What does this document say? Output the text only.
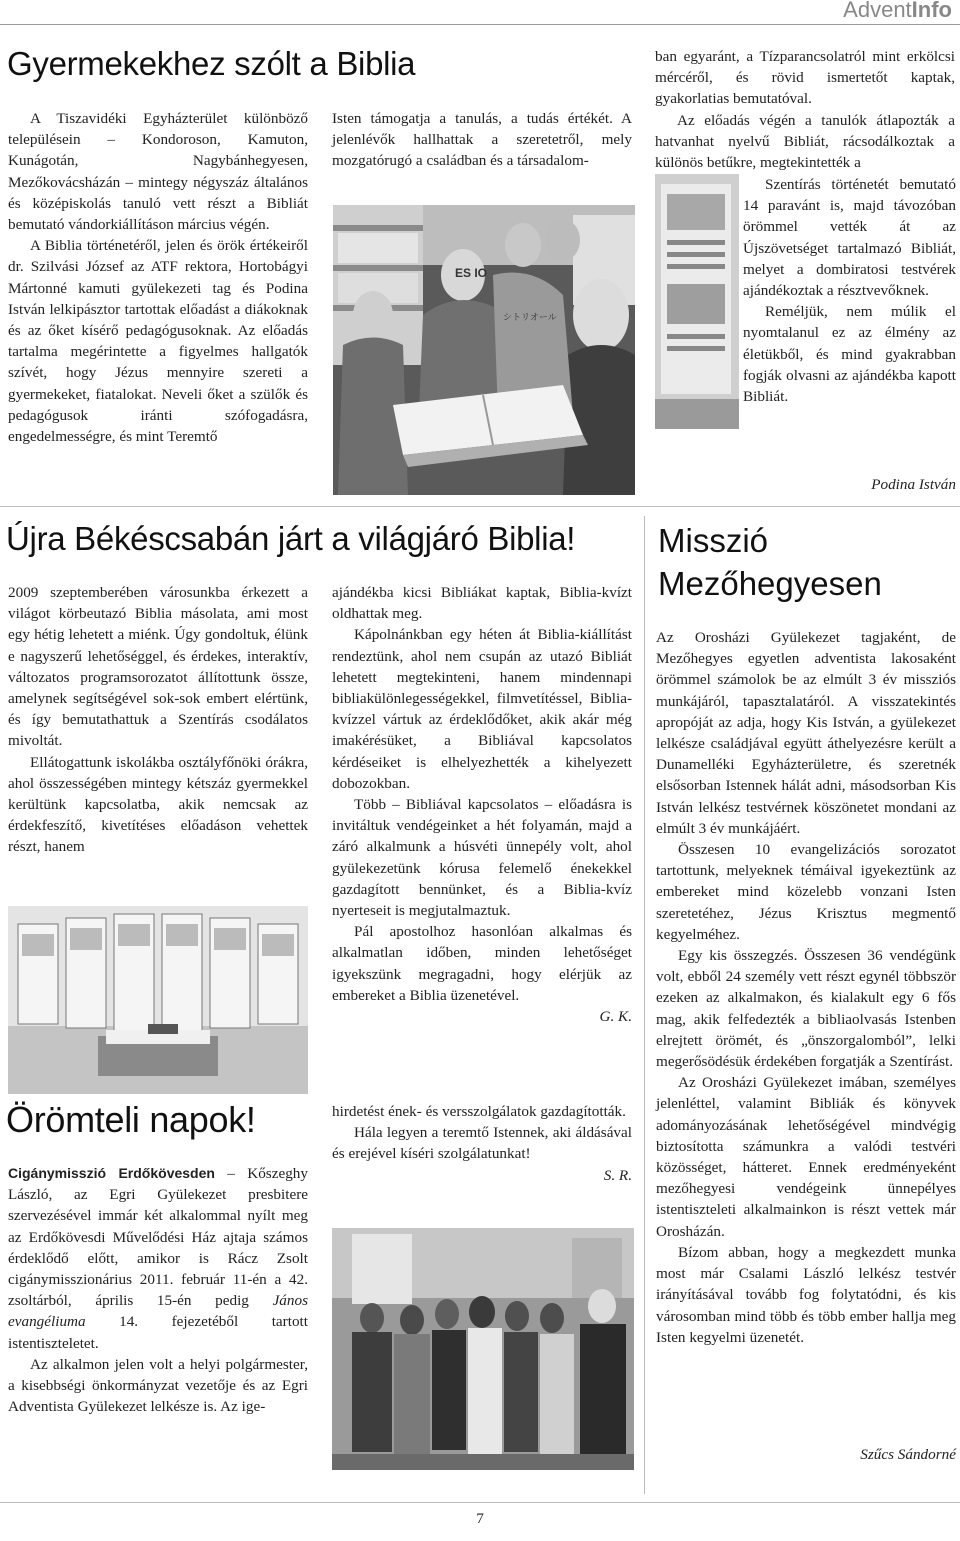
AdventInfo
Gyermekekhez szólt a Biblia

A Tiszavidéki Egyházterület különböző településein – Kondoroson, Kamuton, Kunágotán, Nagybánhegyesen, Mezőkovácsházán – mintegy négyszáz általános és középiskolás tanuló vett részt a Bibliát bemutató vándorkiállításon március végén.

A Biblia történetéről, jelen és örök értékeiről dr. Szilvási József az ATF rektora, Hortobágyi Mártonné kamuti gyülekezeti tag és Podina István lelkipásztor tartottak előadást a diákoknak és az őket kísérő pedagógusoknak. Az előadás tartalma megérintette a figyelmes hallgatók szívét, hogy Jézus mennyire szereti a gyermekeket, fiatalokat. Neveli őket a szülők és pedagógusok iránti szófogadásra, engedelmességre, és mint Teremtő

Isten támogatja a tanulás, a tudás értékét. A jelenlévők hallhattak a szeretetről, mely mozgatórugó a családban és a társadalom-

ES IO
シトリオール

ban egyaránt, a Tízparancsolatról mint erkölcsi mércéről, és rövid ismertetőt kaptak, gyakorlatias bemutatóval.

Az előadás végén a tanulók átlapozták a hatvanhat nyelvű Bibliát, rácsodálkoztak a különös betűkre, megtekintették a

Szentírás történetét bemutató 14 paravánt is, majd távozóban örömmel vették át az Újszövetséget tartalmazó Bibliát, melyet a dombiratosi testvérek ajándékoztak a résztvevőknek.

Reméljük, nem múlik el nyomtalanul ez az élmény az életükből, és mind gyakrabban fogják olvasni az ajándékba kapott Bibliát.

Podina István
Újra Békéscsabán járt a világjáró Biblia!

2009 szeptemberében városunkba érkezett a világot körbeutazó Biblia másolata, ami most egy hétig lehetett a miénk. Úgy gondoltuk, élünk e nagyszerű lehetőséggel, és érdekes, interaktív, változatos programsorozatot állítottunk össze, amelynek segítségével sok-sok embert elértünk, és így bemutathattuk a Szentírás csodálatos mivoltát.

Ellátogattunk iskolákba osztályfőnöki órákra, ahol összességében mintegy kétszáz gyermekkel kerültünk kapcsolatba, akik nemcsak az érdekfeszítő, kivetítéses előadáson vehettek részt, hanem

ajándékba kicsi Bibliákat kaptak, Biblia-kvízt oldhattak meg.

Kápolnánkban egy héten át Biblia-kiállítást rendeztünk, ahol nem csupán az utazó Bibliát lehetett megtekinteni, hanem mindennapi bibliakülönlegességekkel, filmvetítéssel, Biblia-kvízzel vártuk az érdeklődőket, akik akár még imakérésüket, a Bibliával kapcsolatos kérdéseiket is elhelyezhették a kihelyezett dobozokban.

Több – Bibliával kapcsolatos – előadásra is invitáltuk vendégeinket a hét folyamán, majd a záró alkalmunk a húsvéti ünnepély volt, ahol gyülekezetünk kórusa felemelő énekekkel gazdagított bennünket, és a Biblia-kvíz nyerteseit is megjutalmaztuk.

Pál apostolhoz hasonlóan alkalmas és alkalmatlan időben, minden lehetőséget igyekszünk megragadni, hogy elérjük az embereket a Biblia üzenetével.

G. K.

Örömteli napok!

Cigánymisszió Erdőkövesden – Kőszeghy László, az Egri Gyülekezet presbitere szervezésével immár két alkalommal nyílt meg az Erdőkövesdi Művelődési Ház ajtaja számos érdeklődő előtt, amikor is Rácz Zsolt cigánymisszionárius 2011. február 11-én a 42. zsoltárból, április 15-én pedig János evangéliuma 14. fejezetéből tartott istentiszteletet.

Az alkalmon jelen volt a helyi polgármester, a kisebbségi önkormányzat vezetője és az Egri Adventista Gyülekezet lelkésze is. Az ige-

hirdetést ének- és versszolgálatok gazdagították.

Hála legyen a teremtő Istennek, aki áldásával és erejével kíséri szolgálatunkat!

S. R.

Misszió
Mezőhegyesen

Az Orosházi Gyülekezet tagjaként, de Mezőhegyes egyetlen adventista lakosaként örömmel számolok be az elmúlt 3 év missziós munkájáról, tapasztalatáról. A visszatekintés apropóját az adja, hogy Kis István, a gyülekezet lelkésze családjával együtt áthelyezésre került a Dunamelléki Egyházterületre, és szeretnék elsősorban Istennek hálát adni, másodsorban Kis István lelkész testvérnek köszönetet mondani az elmúlt 3 év munkájáért.

Összesen 10 evangelizációs sorozatot tartottunk, melyeknek témáival igyekeztünk az embereket mind közelebb vonzani Isten szeretetéhez, Jézus Krisztus megmentő kegyelméhez.

Egy kis összegzés. Összesen 36 vendégünk volt, ebből 24 személy vett részt egynél többször ezeken az alkalmakon, és kialakult egy 6 fős mag, akik felfedezték a bibliaolvasás Istenben elrejtett örömét, és „önszorgalomból”, lelki megerősödésük érdekében forgatják a Szentírást.

Az Orosházi Gyülekezet imában, személyes jelenléttel, valamint Bibliák és könyvek adományozásának lehetőségével mindvégig biztosította számunkra a valódi testvéri közösséget, hátteret. Ennek eredményeként mezőhegyesi vendégeink ünnepélyes istentiszteleti alkalmainkon is részt vettek már Orosházán.

Bízom abban, hogy a megkezdett munka most már Csalami László lelkész testvér irányításával tovább fog folytatódni, és kis városomban mind több és több ember hallja meg Isten kegyelmi üzenetét.

Szűcs Sándorné
7
